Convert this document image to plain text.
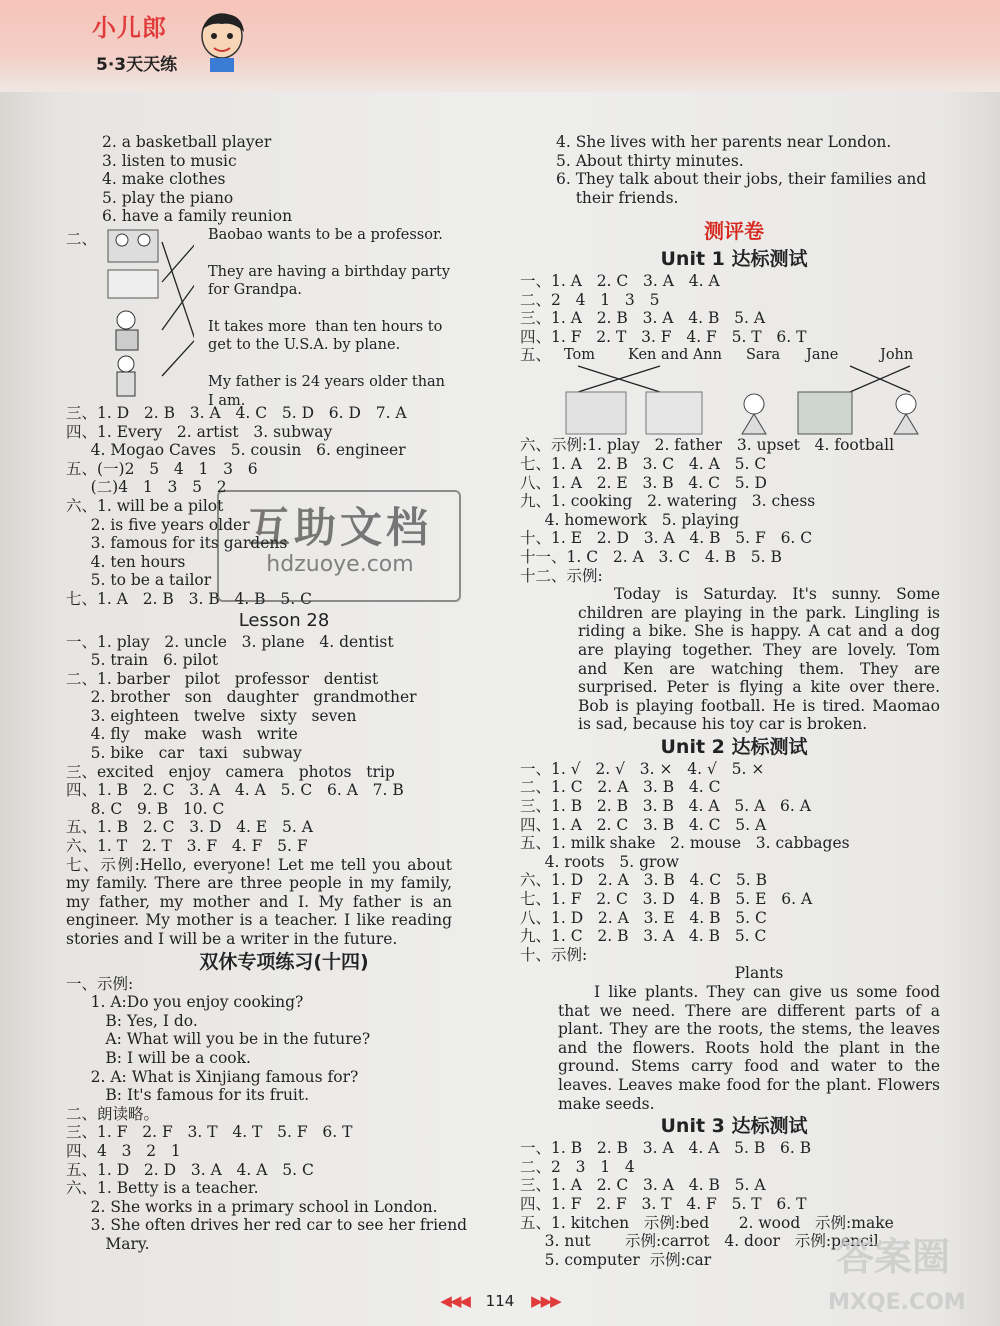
小儿郎
5·3天天练
2. a basketball player
3. listen to music
4. make clothes
5. play the piano
6. have a family reunion
二、	Baobao wants to be a professor.
They are having a birthday party
for Grandpa.
It takes more  than ten hours to
get to the U.S.A. by plane.
My father is 24 years older than
I am.
三、1. D   2. B   3. A   4. C   5. D   6. D   7. A
四、1. Every   2. artist   3. subway
4. Mogao Caves   5. cousin   6. engineer
五、(一)2   5   4   1   3   6
(二)4   1   3   5   2
六、1. will be a pilot
2. is five years older
3. famous for its gardens
4. ten hours
5. to be a tailor
七、1. A   2. B   3. B   4. B   5. C
Lesson 28
一、1. play   2. uncle   3. plane   4. dentist
5. train   6. pilot
二、1. barber   pilot   professor   dentist
2. brother   son   daughter   grandmother
3. eighteen   twelve   sixty   seven
4. fly   make   wash   write
5. bike   car   taxi   subway
三、excited   enjoy   camera   photos   trip
四、1. B   2. C   3. A   4. A   5. C   6. A   7. B
8. C   9. B   10. C
五、1. B   2. C   3. D   4. E   5. A
六、1. T   2. T   3. F   4. F   5. F
七、示例:Hello, everyone! Let me tell you about my family. There are three people in my family, my father, my mother and I. My father is an engineer. My mother is a teacher. I like reading stories and I will be a writer in the future.
双休专项练习(十四)
一、示例:
1. A:Do you enjoy cooking?
B: Yes, I do.
A: What will you be in the future?
B: I will be a cook.
2. A: What is Xinjiang famous for?
B: It's famous for its fruit.
二、朗读略。
三、1. F   2. F   3. T   4. T   5. F   6. T
四、4   3   2   1
五、1. D   2. D   3. A   4. A   5. C
六、1. Betty is a teacher.
2. She works in a primary school in London.
3. She often drives her red car to see her friend
Mary.
4. She lives with her parents near London.
5. About thirty minutes.
6. They talk about their jobs, their families and
their friends.
测评卷
Unit 1 达标测试
一、1. A   2. C   3. A   4. A
二、2   4   1   3   5
三、1. A   2. B   3. A   4. B   5. A
四、1. F   2. T   3. F   4. F   5. T   6. T
五、 Tom Ken and Ann Sara Jane	John
六、示例:1. play   2. father   3. upset   4. football
七、1. A   2. B   3. C   4. A   5. C
八、1. A   2. E   3. B   4. C   5. D
九、1. cooking   2. watering   3. chess
4. homework   5. playing
十、1. E   2. D   3. A   4. B   5. F   6. C
十一、1. C   2. A   3. C   4. B   5. B
十二、示例:
Today is Saturday. It's sunny. Some children are playing in the park. Lingling is riding a bike. She is happy. A cat and a dog are playing together. They are lovely. Tom and Ken are watching them. They are surprised. Peter is flying a kite over there. Bob is playing football. He is tired. Maomao is sad, because his toy car is broken.
Unit 2 达标测试
一、1. √   2. √   3. ×   4. √   5. ×
二、1. C   2. A   3. B   4. C
三、1. B   2. B   3. B   4. A   5. A   6. A
四、1. A   2. C   3. B   4. C   5. A
五、1. milk shake   2. mouse   3. cabbages
4. roots   5. grow
六、1. D   2. A   3. B   4. C   5. B
七、1. F   2. C   3. D   4. B   5. E   6. A
八、1. D   2. A   3. E   4. B   5. C
九、1. C   2. B   3. A   4. B   5. C
十、示例:
Plants
I like plants. They can give us some food that we need. There are different parts of a plant. They are the roots, the stems, the leaves and the flowers. Roots hold the plant in the ground. Stems carry food and water to the leaves. Leaves make food for the plant. Flowers make seeds.
Unit 3 达标测试
一、1. B   2. B   3. A   4. A   5. B   6. B
二、2   3   1   4
三、1. A   2. C   3. A   4. B   5. A
四、1. F   2. F   3. T   4. F   5. T   6. T
五、1. kitchen   示例:bed      2. wood   示例:make
3. nut       示例:carrot   4. door   示例:pencil
5. computer  示例:car
互助文档
hdzuoye.com
答案圈
MXQE.COM
◀◀◀ 114 ▶▶▶
